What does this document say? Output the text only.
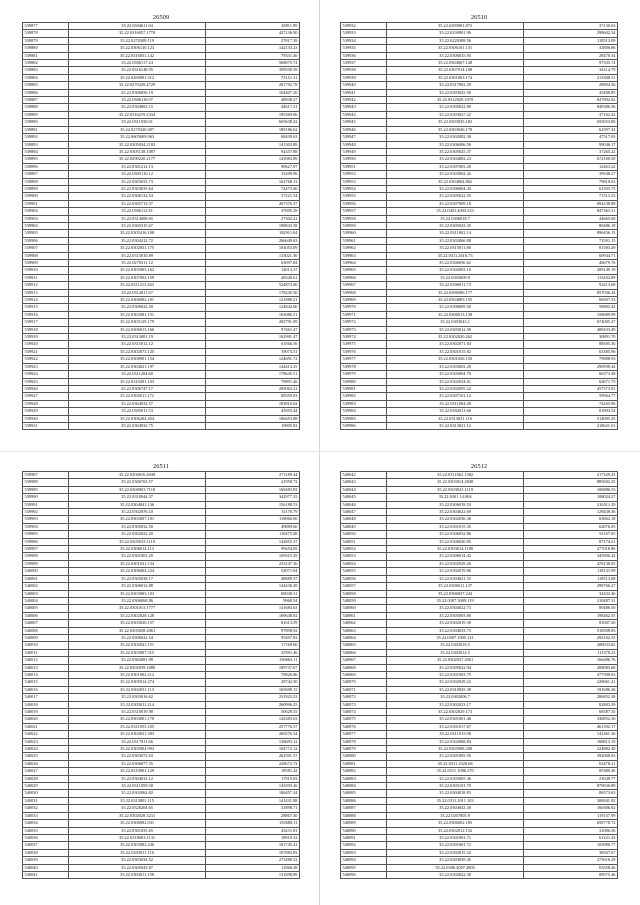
26509
539877	35.22.0304611.04	28811.89
539878	35.22.0316057.1770	427136.90
539879	35.22.0270309.119	27817.39
539880	35.22.0306130.123	142133.23
539881	35.22.0316051.142	79331.46
539882	35.22.0306117.24	568875.74
539883	35.22.0316148.95	359530.59
539884	35.22.0260901.312	75151.31
539885	35.22.0270320.4729	281792.78
539886	35.22.0306056.19	104407.20
539887	35.22.0306116.97	48938.27
539888	35.22.0304002.15	44617.21
539889	35.22.0316219.2334	195369.06
539890	35.22.0311030.01	665638.22
539891	35.22.0270320.407	189186.62
539892	35.22.0605609.963	68439.63
539893	35.22.0305034.2183	141303.89
539894	35.22.0305138.1087	94357.88
539895	35.22.0290220.2177	143983.89
539896	35.22.0301212.13	90627.07
539897	35.22.0305110.12	33209.96
539898	35.22.0303033.73	162768.13
539899	35.22.0303035.64	74475.60
539900	35.22.0306132.54	57221.54
539901	35.22.0305713.37	267376.37
539902	35.22.0306112.81	37695.29
539903	35.22.0314008.65	27302.21
539904	35.22.0305315.67	198843.58
539905	35.22.0305416.108	182911.04
539906	35.22.0304212.72	266649.63
539907	35.22.0302031.175	103053.09
539908	35.22.0315010.89	133021.30
539909	35.22.0270311.12	63097.84
539910	35.22.0305003.162	12013.37
539911	35.22.0307002.159	46540.61
539912	35.22.0311213.263	524873.00
539913	35.22.0312011.67	178245.50
539914	35.22.0306002.101	121888.21
539915	35.22.0306022.50	124842.60
539916	35.22.0302081.151	163086.51
539917	35.22.0303129.179	282791.09
539918	35.22.0306013.160	97461.47
539919	35.22.0313001.19	162991.47
539920	35.22.0315012.12	63566.56
539921	35.22.0302073.125	19073.51
539922	35.22.0308901.154	124691.72
539923	35.22.0304021.197	144413.25
539924	35.22.0311204.60	178645.51
539925	35.22.0310201.103	79891.46
539926	35.22.0306747.17	285063.21
539927	35.22.0302011.172	88359.83
539928	35.22.0304032.57	183810.62
539929	35.22.0305011.53	43955.44
539930	35.22.0306204.454	106453.88
539931	35.22.0304032.75	10805.82
26510
539932	35.22.0290901.872	37130.63
539933	35.22.0230901.96	298602.54
539934	35.22.0220308.56	118513.09
539935	35.22.0306101.131	43806.86
539936	35.22.0306035.95	28470.34
539937	35.22.0304067.148	97335.74
539938	35.22.0307014.108	34214.79
539939	35.22.0301003.174	213308.51
539940	35.22.0317002.29	28894.56
539941	35.22.0303025.50	45408.85
539942	35.22.0312020.1070	847802.82
539943	35.22.0305022.80	849386.56
539944	35.22.0303027.22	37162.42
539945	35.22.0303035.182	655653.80
539946	35.22.0303046.170	62397.34
539947	35.22.0302082.38	47517.03
539948	35.22.0306006.56	99046.17
539949	35.22.0305025.37	37265.22
539950	35.22.0304002.23	672108.50
539951	35.22.0307003.20	12463.22
539952	35.22.0303002.42	39948.27
539953	35.22.0304004.862	79818.63
539954	35.22.0306004.43	61503.75
539955	35.22.0305022.35	71513.23
539956	35.22.0307009.18	694238.88
539957	35.22.0401.4003.323	847363.31
539958	35.22.0306018.7	44665.68
539959	35.22.0305023.35	80486.18
539960	35.22.0311002.14	896436.15
539961	35.22.0302066.88	71591.15
539962	35.22.0315011.80	81583.29
539963	35.22.0311.2616.73	60944.71
539964	35.22.0306056.62	46679.76
539965	35.22.0302003.10	209149.19
539966	35.22.0303009.9	115432.89
539967	35.22.0306011.73	92413.68
539968	35.22.0306006.177	857036.44
539969	35.22.0304005.155	68397.33
539970	35.22.0306009.50	58885.42
539971	35.22.0306013.138	158689.99
539972	35.22.0303043.1	674005.27
539973	35.22.0303012.58	408433.49
539974	35.22.0302020.262	30891.70
539975	35.22.0302071.84	88505.36
539976	35.22.0301015.82	63385.96
539977	35.22.0301026.150	79888.93
539978	35.22.0303002.20	290998.44
539979	35.22.0303004.70	66373.48
539980	35.22.0302034.61	63671.75
539981	35.22.0302005.22	457573.81
539982	35.22.0307101.12	59964.77
539983	35.22.0311004.48	74265.96
539984	35.22.0302011.66	81893.54
539985	35.22.0313021.116	514085.45
539986	35.22.0313021.12	218621.61
26511
539987	35.22.0304016.2049	271189.44
539988	35.22.0306703.57	41958.72
539989	35.22.0300003.7118	169483.83
539990	35.22.0310044.37	342977.35
539991	35.22.0304041.136	156188.53
539992	35.22.0302076.10	31170.79
539993	35.22.0303007.101	118066.00
539994	35.22.0305032.50	49889.60
539995	35.22.0302022.20	116475.08
539996	35.22.0305033.1110	142855.37
539997	35.22.0306014.113	99454.85
539998	35.22.0301003.20	169315.29
539999	35.22.0301031.134	233147.36
540000	35.22.0306004.224	52071.04
540001	35.22.0305038.17	48889.37
540002	35.22.0306012.88	144438.49
540003	35.22.0303003.103	69038.31
540004	35.22.0306068.86	9968.54
540005	35.22.0301013.1777	141683.63
540006	35.22.0302028.128	169648.82
540007	35.22.0303020.157	81613.59
540008	35.22.0303028.2061	97898.92
540009	35.22.0306022.54	95497.83
540010	35.22.0302041.151	17168.60
540011	35.22.0303007.315	25591.46
540012	35.22.0302081.98	156663.11
540013	35.22.0302039.1080	189737.67
540014	35.22.0301002.212	70826.86
540015	35.22.0305014.274	28742.30
540016	35.22.0302031.113	165698.15
540017	35.22.0303016.62	231923.53
540018	35.22.0303011.214	260996.25
540019	35.22.0310019.98	50629.55
540020	35.22.0303001.170	142383.63
540021	35.22.0311053.105	257776.57
540022	35.22.0304021.303	269276.54
540023	35.22.0317011.66	136693.12
540024	35.22.0305004.993	104772.12
540025	35.22.0303072.63	262591.37
540026	35.22.0306077.35	228672.72
540027	35.22.0310001.129	18581.42
540028	35.22.0304033.12	17919.03
540029	35.22.0311059.58	143393.26
540030	35.22.0302062.82	106457.24
540031	35.22.0313001.115	141431.88
540032	35.22.0328204.65	31898.71
540033	35.22.0302028.3231	28867.30
540034	35.22.0306082.031	155688.11
540035	35.22.0301035.65	43231.81
540036	35.22.0318003.1131	18910.33
540037	35.22.0303082.246	101745.41
540038	35.22.0303011.116	107883.83
540039	35.22.0303034.52	275480.52
540040	35.22.0305043.87	11868.38
540041	35.22.0303011.158	131698.89
26512
540042	35.22.0311062.1382	217329.43
540043	35.22.0303014.2848	885602.25
540044	35.22.0303023.1119	106886.53
540045	35.22.0301 14.004	108024.27
540046	35.22.0306018.53	216511.29
540047	35.22.0304022.69	129438.36
540048	35.22.0302036.38	63862.18
540049	35.22.0301015.35	62876.05
540050	35.22.0306032.86	91167.05
540051	35.22.0306020.85	87174.21
540052	35.22.0303014.1180	277018.86
540053	35.22.0306014.42	345906.42
540054	35.22.0302029.26	476138.05
540055	35.22.0302019.86	118131.99
540056	35.22.0304021.55	118513.08
540057	35.22.0306011.137	298766.27
540058	35.22.0306037.244	34432.46
540059	35.22.0307.3009.119	210487.31
540060	35.22.0304022.73	89486.50
540061	35.22.0305003.80	198462.55
540062	35.22.0302019.38	81007.20
540063	35.22.0304033.73	518508.83
540064	35.22.0307.1005.121	292162.35
540065	35.22.0302018.5	286033.82
540066	35.22.0302014.5	111378.23
540067	35.22.0302037.2061	166486.76
540068	35.22.0305022.94	208083.68
540069	35.22.0301003.75	477398.63
540070	35.22.0302029.22	228061.41
540071	35.22.0310025.38	191686.36
540072	35.22.0302006.7	286852.38
540073	35.22.0302023.17	82883.39
540074	35.22.0302029.173	68587.35
540075	35.22.0301001.46	336852.36
540076	35.22.0301017.67	461392.17
540077	35.22.0311015.98	142361.36
540078	35.22.0302068.84	168813.19
540079	35.22.0305008.200	224882.49
540080	35.22.0301005.50	392068.63
540081	35.22.0311.1020.68	63478.21
540082	35.22.0311.1086.270	85380.46
540083	35.22.0305005.36	23048.77
540084	35.22.0303101.70	879036.89
540085	35.22.0304018.83	86573.65
540086	35.22.0311.2011.103	306941.82
540087	35.22.0304043.30	160306.82
540088	35.22.0207005.9	119137.99
540089	35.22.0306002.185	658778.72
540090	35.22.0302012.152	31086.56
540091	35.22.0301001.71	61221.43
540092	35.22.0301001.72	103986.77
540093	35.22.0302015.32	38567.67
540094	35.22.0303039.45	275616.29
540095	35.22.0306.2007.2805	63558.26
540096	35.22.0302022.30	89575.46
